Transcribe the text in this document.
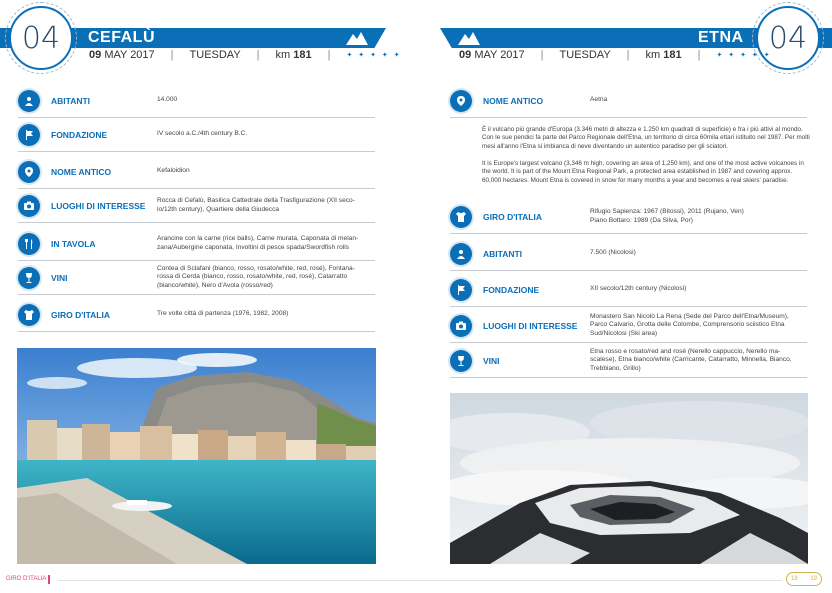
04 CEFALÙ
09 MAY 2017 | TUESDAY | km 181 | ✦ ✦ ✦ ✦ ✦
ABITANTI	14.000
FONDAZIONE	IV secolo a.C./4th century B.C.
NOME ANTICO	Kefaloidion
LUOGHI DI INTERESSE	Rocca di Cefalù, Basilica Cattedrale della Trasfigurazione (XII seco-
lo/12th century), Quartiere della Giudecca
IN TAVOLA	Arancine con la carne (rice balls), Carne murata, Caponata di melan-
zana/Aubergine caponata, Involtini di pesce spada/Swordfish rolls
VINI
Contea di Sclafani (bianco, rosso, rosato/white, red, rosé), Fontana-
rossa di Cerda (bianco, rosso, rosato/white, red, rosé), Catarratto
(bianco/white), Nero d'Avola (rosso/red)
GIRO D'ITALIA	Tre volte città di partenza (1976, 1982, 2008)
04
ETNA
09 MAY 2017 | TUESDAY | km 181 | ✦ ✦ ✦ ✦ ✦
NOME ANTICO	Aetna
GIRO D'ITALIA	Rifugio Sapienza: 1967 (Bitossi), 2011 (Rujano, Ven)
Piano Bottaro: 1989 (Da Silva, Por)
ABITANTI	7.500 (Nicolosi)
FONDAZIONE	XII secolo/12th century (Nicolosi)
LUOGHI DI INTERESSE
Monastero San Nicolò La Rena (Sede del Parco dell'Etna/Museum),
Parco Calvario, Grotta delle Colombe, Comprensorio sciistico Etna
Sud/Nicolosi (Ski area)
VINI
Etna rosso e rosato/red and rosé (Nerello cappuccio, Nerello ma-
scalese), Etna bianco/white (Carricante, Catarratto, Minnella, Bianco,
Trebbiano, Grillo)

È il vulcano più grande d'Europa (3.346 metri di altezza e 1.250 km quadrati di superficie) e fra i più attivi al mondo. Con le sue pendici fa parte del Parco Regionale dell'Etna, un territorio di circa 60mila ettari istituito nel 1987. Per molti mesi all'anno l'Etna si imbianca di neve diventando un autentico paradiso per gli sciatori.

It is Europe's largest volcano (3,346 m high, covering an area of 1,250 km), and one of the most active volcanoes in the world. It is part of the Mount Etna Regional Park, a protected area established in 1987 and covering approx. 60,000 hectares. Mount Etna is covered in snow for many months a year and becomes a real skiers' paradise.

GIRO D'ITALIA	18 19
